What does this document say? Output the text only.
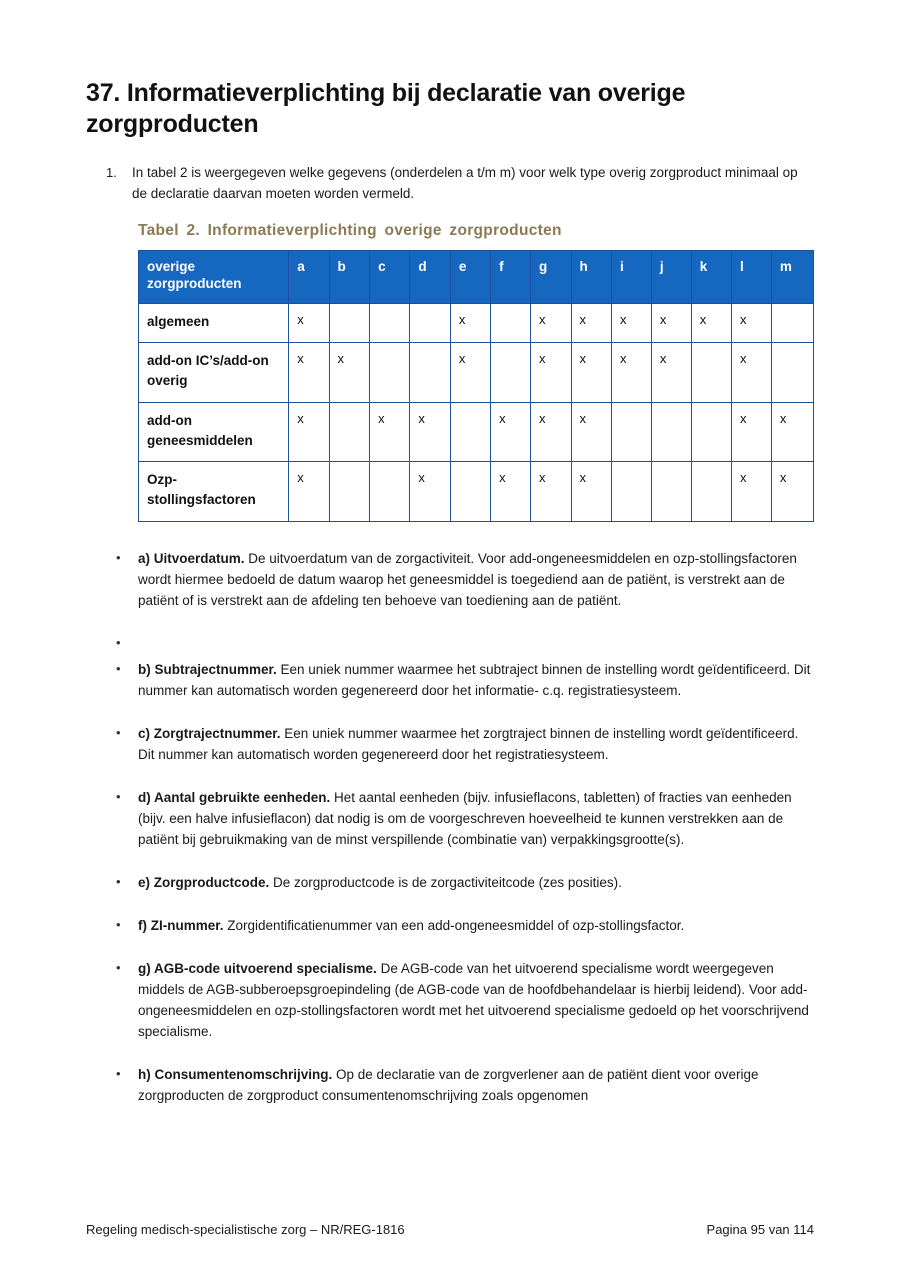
37. Informatieverplichting bij declaratie van overige zorgproducten
1.	In tabel 2 is weergegeven welke gegevens (onderdelen a t/m m) voor welk type overig zorgproduct minimaal op de declaratie daarvan moeten worden vermeld.
Tabel 2. Informatieverplichting overige zorgproducten
overige zorgproducten	a	b	c	d	e	f	g	h	i	j	k	l	m
algemeen	x				x		x	x	x	x	x	x	
add-on IC’s/add-on overig	x	x			x		x	x	x	x		x	
add-on geneesmiddelen	x		x	x		x	x	x				x	x
Ozp-stollingsfactoren	x			x		x	x	x				x	x
• a) Uitvoerdatum. De uitvoerdatum van de zorgactiviteit. Voor add-ongeneesmiddelen en ozp-stollingsfactoren wordt hiermee bedoeld de datum waarop het geneesmiddel is toegediend aan de patiënt, is verstrekt aan de patiënt of is verstrekt aan de afdeling ten behoeve van toediening aan de patiënt.
•
• b) Subtrajectnummer. Een uniek nummer waarmee het subtraject binnen de instelling wordt geïdentificeerd. Dit nummer kan automatisch worden gegenereerd door het informatie- c.q. registratiesysteem.
• c) Zorgtrajectnummer. Een uniek nummer waarmee het zorgtraject binnen de instelling wordt geïdentificeerd. Dit nummer kan automatisch worden gegenereerd door het registratiesysteem.
• d) Aantal gebruikte eenheden. Het aantal eenheden (bijv. infusieflacons, tabletten) of fracties van eenheden (bijv. een halve infusieflacon) dat nodig is om de voorgeschreven hoeveelheid te kunnen verstrekken aan de patiënt bij gebruikmaking van de minst verspillende (combinatie van) verpakkingsgrootte(s).
• e) Zorgproductcode. De zorgproductcode is de zorgactiviteitcode (zes posities).
• f) ZI-nummer. Zorgidentificatienummer van een add-ongeneesmiddel of ozp-stollingsfactor.
• g) AGB-code uitvoerend specialisme. De AGB-code van het uitvoerend specialisme wordt weergegeven middels de AGB-subberoepsgroepindeling (de AGB-code van de hoofdbehandelaar is hierbij leidend). Voor add-ongeneesmiddelen en ozp-stollingsfactoren wordt met het uitvoerend specialisme gedoeld op het voorschrijvend specialisme.
• h) Consumentenomschrijving. Op de declaratie van de zorgverlener aan de patiënt dient voor overige zorgproducten de zorgproduct consumentenomschrijving zoals opgenomen
Regeling medisch-specialistische zorg – NR/REG-1816	Pagina 95 van 114
